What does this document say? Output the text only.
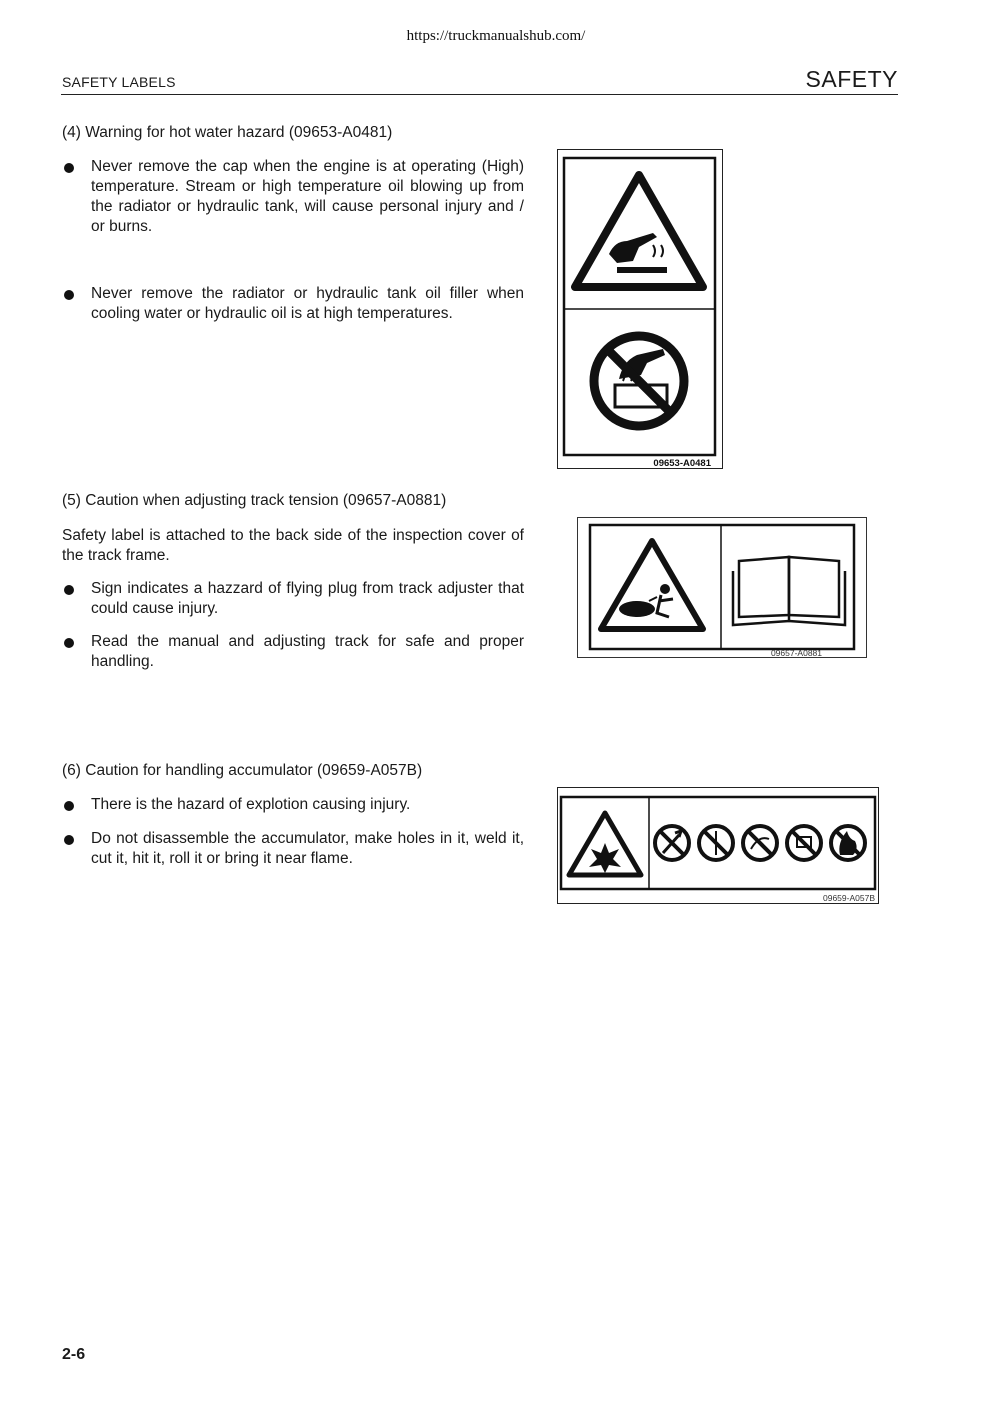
https://truckmanualshub.com/
SAFETY LABELS	SAFETY
(4) Warning for hot water hazard (09653-A0481)
Never remove the cap when the engine is at operating (High) temperature. Stream or high temperature oil blowing up from the radiator or hydraulic tank, will cause personal injury and / or burns.
Never remove the radiator or hydraulic tank oil filler when cooling water or hydraulic oil is at high temperatures.
09653-A0481
(5) Caution when adjusting track tension (09657-A0881)
Safety label is attached to the back side of the inspection cover of the track frame.
Sign indicates a hazzard of flying plug from track adjuster that could cause injury.
Read the manual and adjusting track for safe and proper handling.	09657-A0881
(6) Caution for handling accumulator (09659-A057B)
There is the hazard of explotion causing injury.
Do not disassemble the accumulator, make holes in it, weld it, cut it, hit it, roll it or bring it near flame.
09659-A057B
2-6
